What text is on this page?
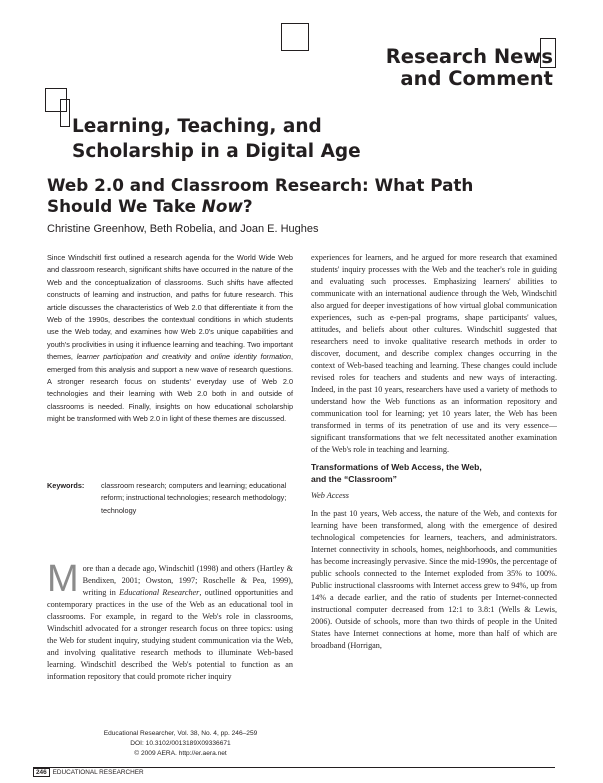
Research News
and Comment
Learning, Teaching, and
Scholarship in a Digital Age
Web 2.0 and Classroom Research: What Path Should We Take Now?
Christine Greenhow, Beth Robelia, and Joan E. Hughes
Since Windschitl first outlined a research agenda for the World Wide Web and classroom research, significant shifts have occurred in the nature of the Web and the conceptualization of classrooms. Such shifts have affected constructs of learning and instruction, and paths for future research. This article discusses the characteristics of Web 2.0 that differentiate it from the Web of the 1990s, describes the contextual conditions in which students use the Web today, and examines how Web 2.0's unique capabilities and youth's proclivities in using it influence learning and teaching. Two important themes, learner participation and creativity and online identity formation, emerged from this analysis and support a new wave of research questions. A stronger research focus on students' everyday use of Web 2.0 technologies and their learning with Web 2.0 both in and outside of classrooms is needed. Finally, insights on how educational scholarship might be transformed with Web 2.0 in light of these themes are discussed.
Keywords: classroom research; computers and learning; educational reform; instructional technologies; research methodology; technology
More than a decade ago, Windschitl (1998) and others (Hartley & Bendixen, 2001; Owston, 1997; Roschelle & Pea, 1999), writing in Educational Researcher, outlined opportunities and contemporary practices in the use of the Web as an educational tool in classrooms. For example, in regard to the Web's role in classrooms, Windschitl advocated for a stronger research focus on three topics: using the Web for student inquiry, studying student communication via the Web, and involving qualitative research methods to illuminate Web-based learning. Windschitl described the Web's potential to function as an information repository that could promote richer inquiry

experiences for learners, and he argued for more research that examined students' inquiry processes with the Web and the teacher's role in guiding and evaluating such processes. Emphasizing learners' abilities to communicate with an international audience through the Web, Windschitl also argued for deeper investigations of how virtual global communication experiences, such as e-pen-pal programs, shape participants' values, attitudes, and beliefs about other cultures. Windschitl suggested that researchers need to invoke qualitative research methods in order to discover, document, and describe complex changes occurring in the context of Web-based teaching and learning. These changes could include revised roles for teachers and students and new ways of interacting. Indeed, in the past 10 years, researchers have used a variety of methods to understand how the Web functions as an information repository and communication tool for learning; yet 10 years later, the Web has been transformed in terms of its penetration of use and its very essence—significant transformations that we felt necessitated another examination of the Web's role in teaching and learning.

Transformations of Web Access, the Web,
and the “Classroom”
Web Access

In the past 10 years, Web access, the nature of the Web, and contexts for learning have been transformed, along with the emergence of desired technological competencies for learners, teachers, and administrators. Internet connectivity in schools, homes, neighborhoods, and communities has become increasingly pervasive. Since the mid-1990s, the percentage of public schools connected to the Internet exploded from 35% to 100%. Public instructional classrooms with Internet access grew to 94%, up from 14% a decade earlier, and the ratio of students per Internet-connected instructional computer decreased from 12:1 to 3.8:1 (Wells & Lewis, 2006). Outside of schools, more than two thirds of people in the United States have Internet connections at home, more than half of which are broadband (Horrigan,

Educational Researcher, Vol. 38, No. 4, pp. 246–259
DOI: 10.3102/0013189X09336671
© 2009 AERA. http://er.aera.net
246 EDUCATIONAL RESEARCHER
